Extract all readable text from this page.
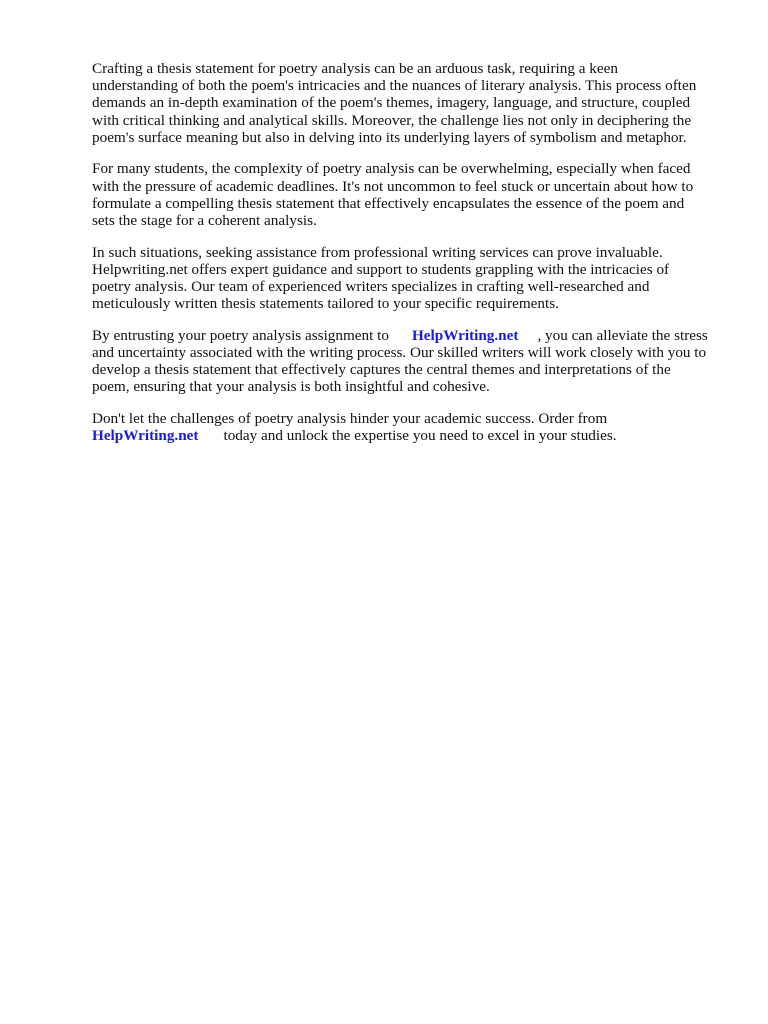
Crafting a thesis statement for poetry analysis can be an arduous task, requiring a keen
understanding of both the poem's intricacies and the nuances of literary analysis. This process often
demands an in-depth examination of the poem's themes, imagery, language, and structure, coupled
with critical thinking and analytical skills. Moreover, the challenge lies not only in deciphering the
poem's surface meaning but also in delving into its underlying layers of symbolism and metaphor.

For many students, the complexity of poetry analysis can be overwhelming, especially when faced
with the pressure of academic deadlines. It's not uncommon to feel stuck or uncertain about how to
formulate a compelling thesis statement that effectively encapsulates the essence of the poem and
sets the stage for a coherent analysis.

In such situations, seeking assistance from professional writing services can prove invaluable.
Helpwriting.net offers expert guidance and support to students grappling with the intricacies of
poetry analysis. Our team of experienced writers specializes in crafting well-researched and
meticulously written thesis statements tailored to your specific requirements.

By entrusting your poetry analysis assignment to HelpWriting.net , you can alleviate the stress
and uncertainty associated with the writing process. Our skilled writers will work closely with you to
develop a thesis statement that effectively captures the central themes and interpretations of the
poem, ensuring that your analysis is both insightful and cohesive.

Don't let the challenges of poetry analysis hinder your academic success. Order from
HelpWriting.net today and unlock the expertise you need to excel in your studies.
